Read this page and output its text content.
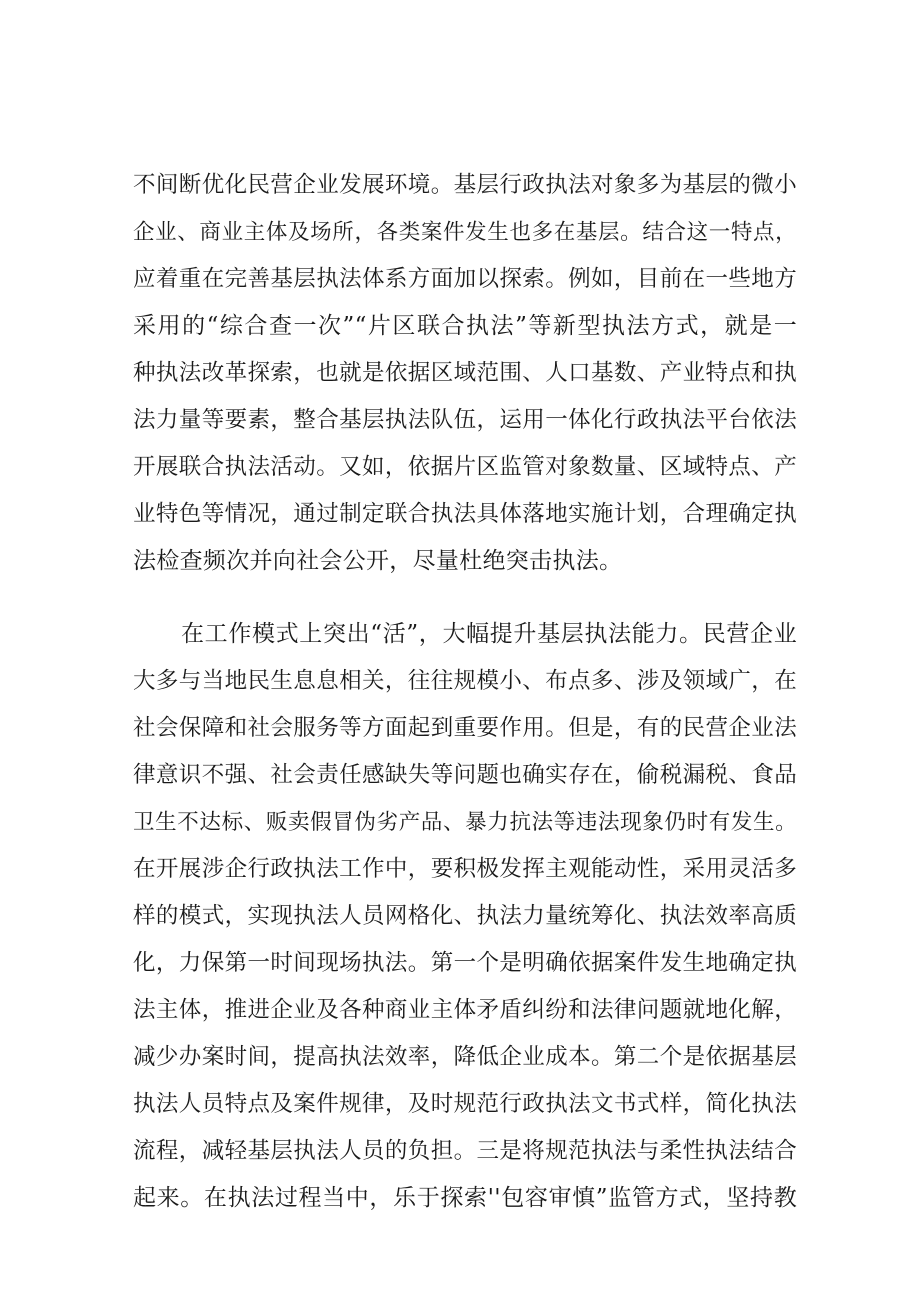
不间断优化民营企业发展环境。基层行政执法对象多为基层的微小
企业、商业主体及场所，各类案件发生也多在基层。结合这一特点，
应着重在完善基层执法体系方面加以探索。例如，目前在一些地方
采用的“综合查一次”“片区联合执法”等新型执法方式，就是一
种执法改革探索，也就是依据区域范围、人口基数、产业特点和执
法力量等要素，整合基层执法队伍，运用一体化行政执法平台依法
开展联合执法活动。又如，依据片区监管对象数量、区域特点、产
业特色等情况，通过制定联合执法具体落地实施计划，合理确定执
法检查频次并向社会公开，尽量杜绝突击执法。
在工作模式上突出“活”，大幅提升基层执法能力。民营企业
大多与当地民生息息相关，往往规模小、布点多、涉及领域广，在
社会保障和社会服务等方面起到重要作用。但是，有的民营企业法
律意识不强、社会责任感缺失等问题也确实存在，偷税漏税、食品
卫生不达标、贩卖假冒伪劣产品、暴力抗法等违法现象仍时有发生。
在开展涉企行政执法工作中，要积极发挥主观能动性，采用灵活多
样的模式，实现执法人员网格化、执法力量统筹化、执法效率高质
化，力保第一时间现场执法。第一个是明确依据案件发生地确定执
法主体，推进企业及各种商业主体矛盾纠纷和法律问题就地化解，
减少办案时间，提高执法效率，降低企业成本。第二个是依据基层
执法人员特点及案件规律，及时规范行政执法文书式样，简化执法
流程，减轻基层执法人员的负担。三是将规范执法与柔性执法结合
起来。在执法过程当中，乐于探索''包容审慎”监管方式，坚持教
